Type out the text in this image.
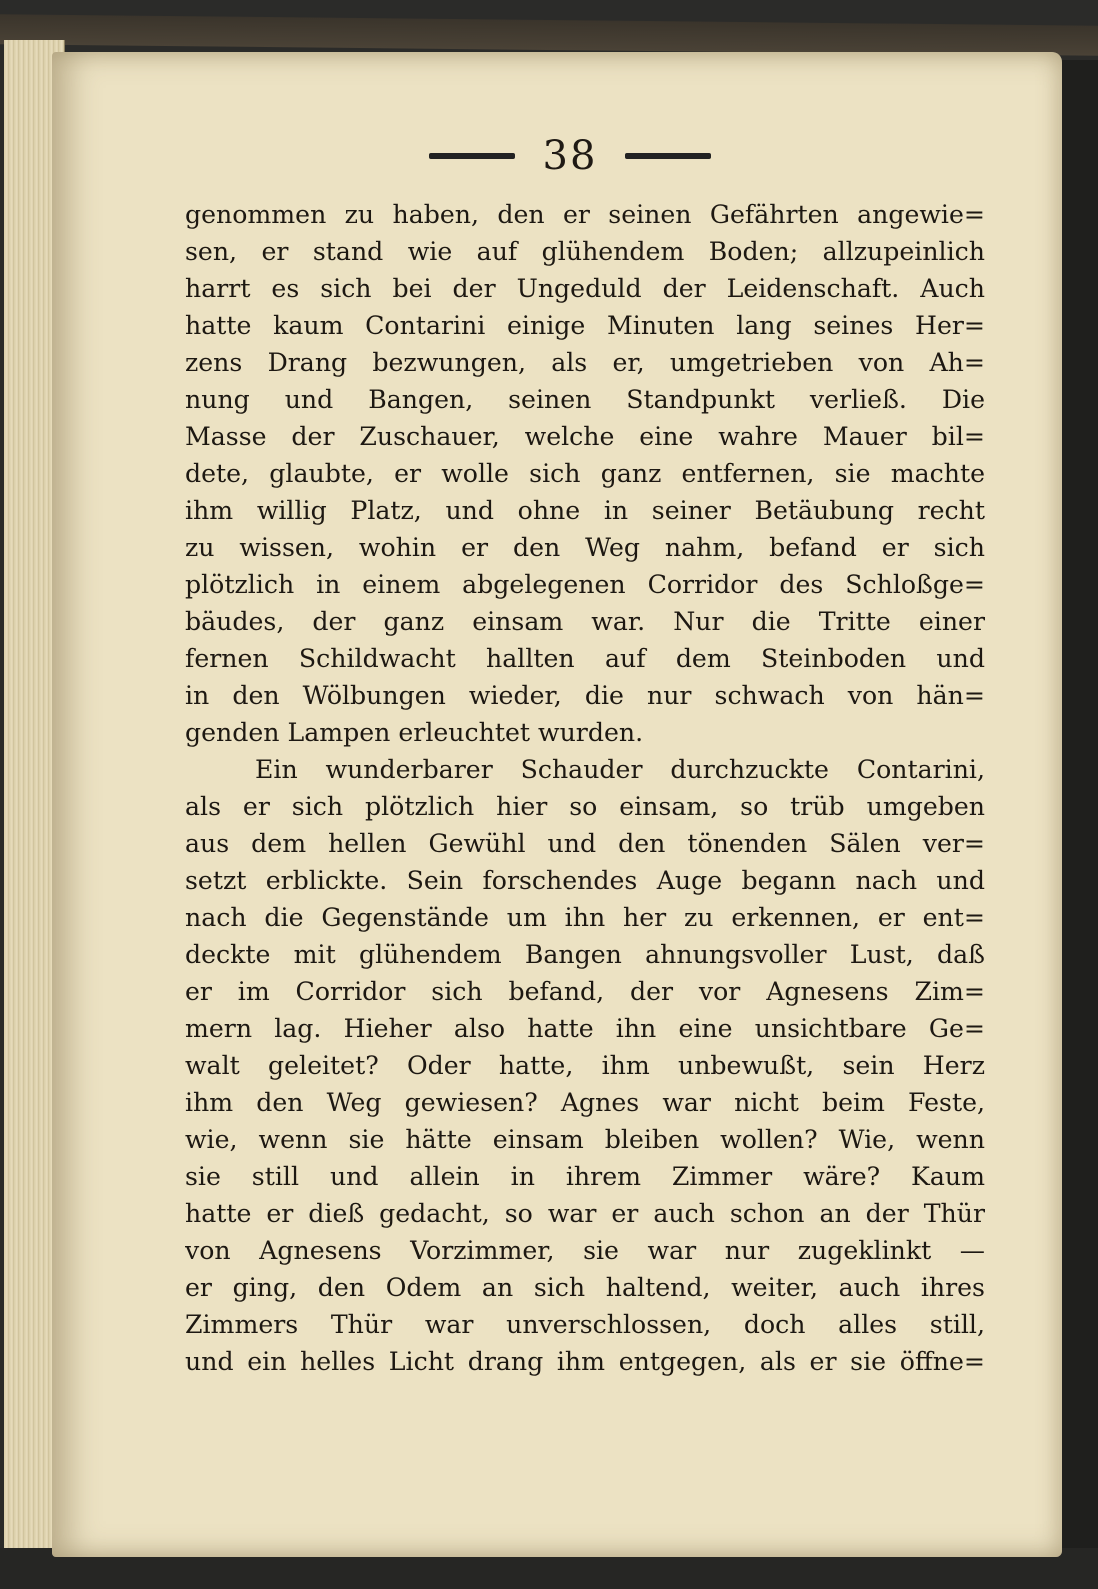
38
genommen zu haben, den er seinen Gefährten angewie=
sen, er stand wie auf glühendem Boden; allzupeinlich
harrt es sich bei der Ungeduld der Leidenschaft. Auch
hatte kaum Contarini einige Minuten lang seines Her=
zens Drang bezwungen, als er, umgetrieben von Ah=
nung und Bangen, seinen Standpunkt verließ. Die
Masse der Zuschauer, welche eine wahre Mauer bil=
dete, glaubte, er wolle sich ganz entfernen, sie machte
ihm willig Platz, und ohne in seiner Betäubung recht
zu wissen, wohin er den Weg nahm, befand er sich
plötzlich in einem abgelegenen Corridor des Schloßge=
bäudes, der ganz einsam war. Nur die Tritte einer
fernen Schildwacht hallten auf dem Steinboden und
in den Wölbungen wieder, die nur schwach von hän=
genden Lampen erleuchtet wurden.
Ein wunderbarer Schauder durchzuckte Contarini,
als er sich plötzlich hier so einsam, so trüb umgeben
aus dem hellen Gewühl und den tönenden Sälen ver=
setzt erblickte. Sein forschendes Auge begann nach und
nach die Gegenstände um ihn her zu erkennen, er ent=
deckte mit glühendem Bangen ahnungsvoller Lust, daß
er im Corridor sich befand, der vor Agnesens Zim=
mern lag. Hieher also hatte ihn eine unsichtbare Ge=
walt geleitet? Oder hatte, ihm unbewußt, sein Herz
ihm den Weg gewiesen? Agnes war nicht beim Feste,
wie, wenn sie hätte einsam bleiben wollen? Wie, wenn
sie still und allein in ihrem Zimmer wäre? Kaum
hatte er dieß gedacht, so war er auch schon an der Thür
von Agnesens Vorzimmer, sie war nur zugeklinkt —
er ging, den Odem an sich haltend, weiter, auch ihres
Zimmers Thür war unverschlossen, doch alles still,
und ein helles Licht drang ihm entgegen, als er sie öffne=
